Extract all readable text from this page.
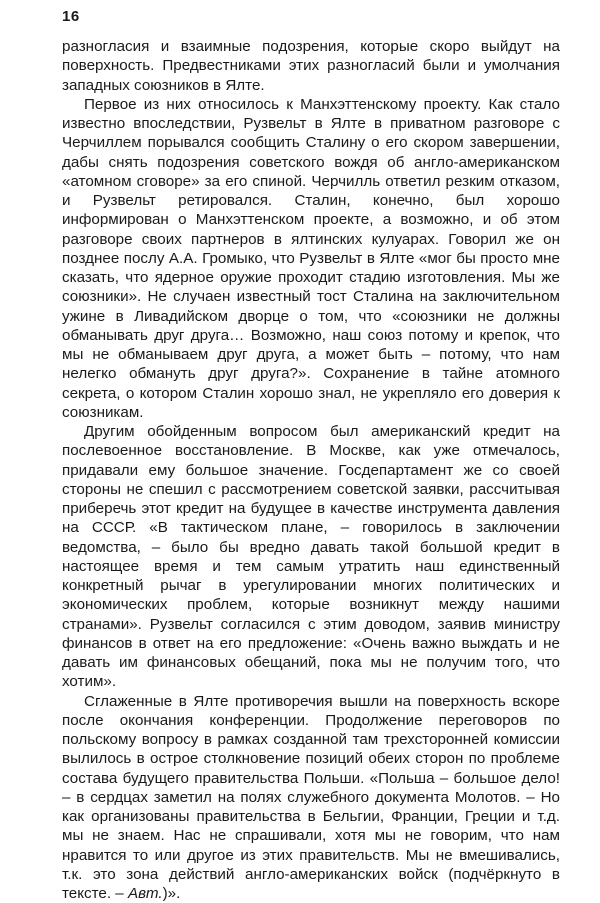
16

разногласия и взаимные подозрения, которые скоро выйдут на поверхность. Предвестниками этих разногласий были и умолчания западных союзников в Ялте.

Первое из них относилось к Манхэттенскому проекту. Как стало известно впоследствии, Рузвельт в Ялте в приватном разговоре с Черчиллем порывался сообщить Сталину о его скором завершении, дабы снять подозрения советского вождя об англо-американском «атомном сговоре» за его спиной. Черчилль ответил резким отказом, и Рузвельт ретировался. Сталин, конечно, был хорошо информирован о Манхэттенском проекте, а возможно, и об этом разговоре своих партнеров в ялтинских кулуарах. Говорил же он позднее послу А.А. Громыко, что Рузвельт в Ялте «мог бы просто мне сказать, что ядерное оружие проходит стадию изготовления. Мы же союзники». Не случаен известный тост Сталина на заключительном ужине в Ливадийском дворце о том, что «союзники не должны обманывать друг друга… Возможно, наш союз потому и крепок, что мы не обманываем друг друга, а может быть – потому, что нам нелегко обмануть друг друга?». Сохранение в тайне атомного секрета, о котором Сталин хорошо знал, не укрепляло его доверия к союзникам.

Другим обойденным вопросом был американский кредит на послевоенное восстановление. В Москве, как уже отмечалось, придавали ему большое значение. Госдепартамент же со своей стороны не спешил с рассмотрением советской заявки, рассчитывая приберечь этот кредит на будущее в качестве инструмента давления на СССР. «В тактическом плане, – говорилось в заключении ведомства, – было бы вредно давать такой большой кредит в настоящее время и тем самым утратить наш единственный конкретный рычаг в урегулировании многих политических и экономических проблем, которые возникнут между нашими странами». Рузвельт согласился с этим доводом, заявив министру финансов в ответ на его предложение: «Очень важно выждать и не давать им финансовых обещаний, пока мы не получим того, что хотим».

Сглаженные в Ялте противоречия вышли на поверхность вскоре после окончания конференции. Продолжение переговоров по польскому вопросу в рамках созданной там трехсторонней комиссии вылилось в острое столкновение позиций обеих сторон по проблеме состава будущего правительства Польши. «Польша – большое дело! – в сердцах заметил на полях служебного документа Молотов. – Но как организованы правительства в Бельгии, Франции, Греции и т.д. мы не знаем. Нас не спрашивали, хотя мы не говорим, что нам нравится то или другое из этих правительств. Мы не вмешивались, т.к. это зона действий англо-американских войск (подчёркнуто в тексте. – Авт.)».
